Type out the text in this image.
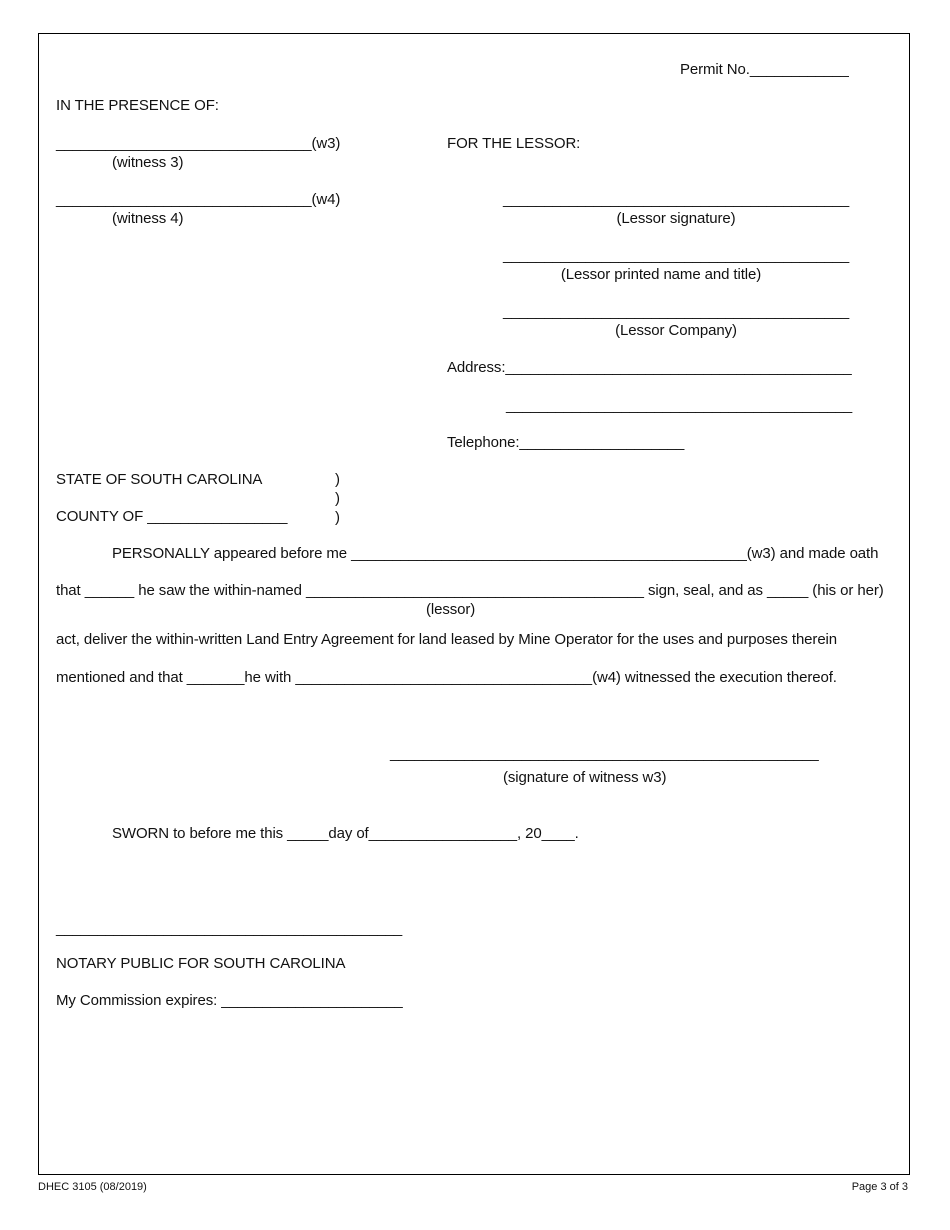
Permit No.____________
IN THE PRESENCE OF:
_______________________________(w3)
(witness 3)
_______________________________(w4)
(witness 4)
FOR THE LESSOR:
__________________________________________
(Lessor signature)
__________________________________________
(Lessor printed name and title)
__________________________________________
(Lessor Company)
Address:__________________________________________
__________________________________________
Telephone:____________________
STATE OF SOUTH CAROLINA	)
)
)
COUNTY OF _________________
PERSONALLY appeared before me ________________________________________________(w3) and made oath
that ______ he saw the within-named _________________________________________ sign, seal, and as _____ (his or her)
(lessor)
act, deliver the within-written Land Entry Agreement for land leased by Mine Operator for the uses and purposes therein
mentioned and that _______he with ____________________________________(w4) witnessed the execution thereof.
____________________________________________________
(signature of witness w3)
SWORN to before me this _____day of__________________, 20____.
__________________________________________
NOTARY PUBLIC FOR SOUTH CAROLINA
My Commission expires: ______________________
DHEC 3105 (08/2019)	Page 3 of 3
